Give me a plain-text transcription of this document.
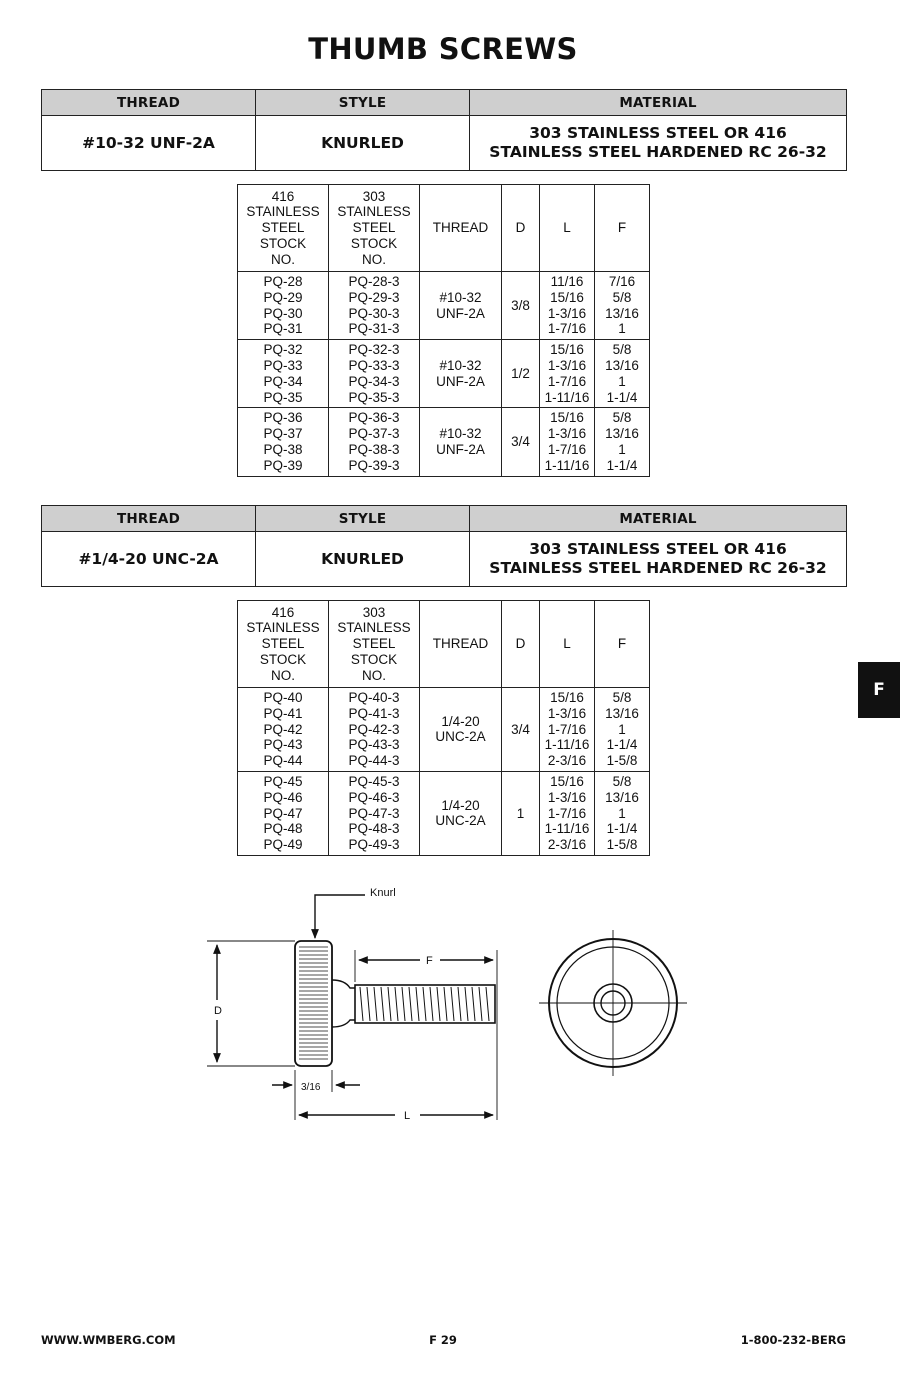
THUMB SCREWS
THREAD	STYLE	MATERIAL
#10-32 UNF-2A	KNURLED	303 STAINLESS STEEL OR 416
STAINLESS STEEL HARDENED RC 26-32
416
STAINLESS
STEEL
STOCK
NO.	303
STAINLESS
STEEL
STOCK
NO.	THREAD	D	L	F

PQ-28
PQ-29
PQ-30
PQ-31	PQ-28-3
PQ-29-3
PQ-30-3
PQ-31-3	#10-32
UNF-2A	3/8	11/16
15/16
1-3/16
1-7/16	7/16
5/8
13/16
1

PQ-32
PQ-33
PQ-34
PQ-35	PQ-32-3
PQ-33-3
PQ-34-3
PQ-35-3	#10-32
UNF-2A	1/2	15/16
1-3/16
1-7/16
1-11/16	5/8
13/16
1
1-1/4

PQ-36
PQ-37
PQ-38
PQ-39	PQ-36-3
PQ-37-3
PQ-38-3
PQ-39-3	#10-32
UNF-2A	3/4	15/16
1-3/16
1-7/16
1-11/16	5/8
13/16
1
1-1/4
THREAD	STYLE	MATERIAL
#1/4-20 UNC-2A	KNURLED	303 STAINLESS STEEL OR 416
STAINLESS STEEL HARDENED RC 26-32
416
STAINLESS
STEEL
STOCK
NO.	303
STAINLESS
STEEL
STOCK
NO.	THREAD	D	L	F

PQ-40
PQ-41
PQ-42
PQ-43
PQ-44	PQ-40-3
PQ-41-3
PQ-42-3
PQ-43-3
PQ-44-3	1/4-20
UNC-2A	3/4	15/16
1-3/16
1-7/16
1-11/16
2-3/16	5/8
13/16
1
1-1/4
1-5/8

PQ-45
PQ-46
PQ-47
PQ-48
PQ-49	PQ-45-3
PQ-46-3
PQ-47-3
PQ-48-3
PQ-49-3	1/4-20
UNC-2A	1	15/16
1-3/16
1-7/16
1-11/16
2-3/16	5/8
13/16
1
1-1/4
1-5/8
F
Knurl
F
D
3/16
L
WWW.WMBERG.COM	F 29	1-800-232-BERG
